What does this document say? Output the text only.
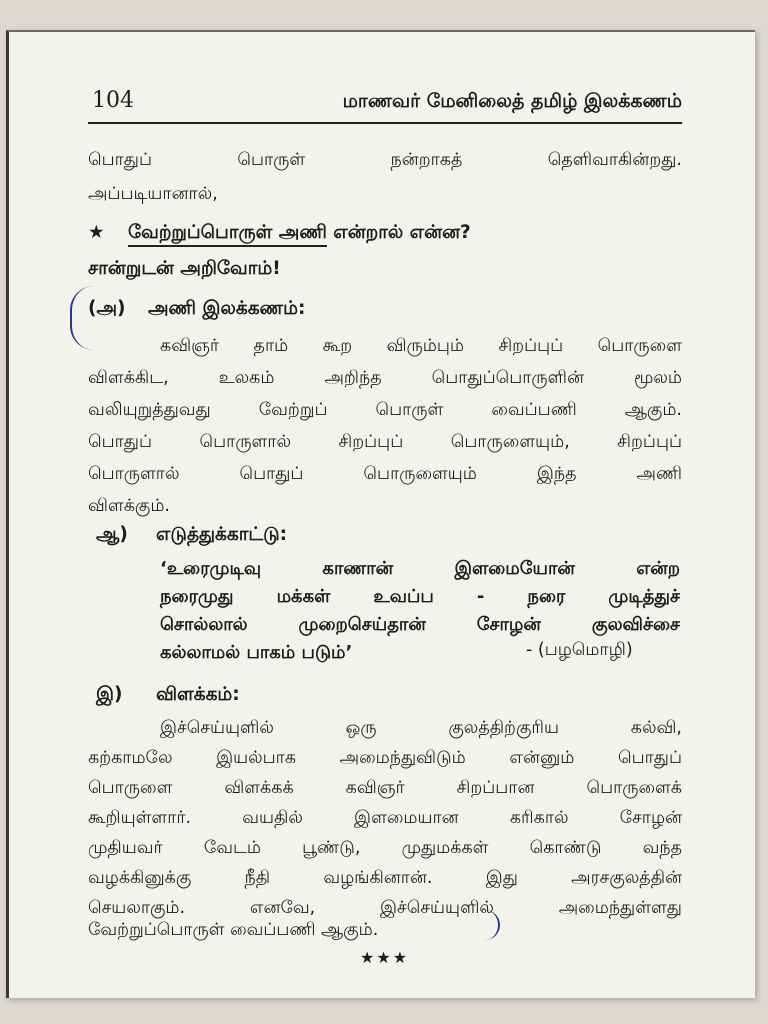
104	மாணவர் மேனிலைத் தமிழ் இலக்கணம்
பொதுப் பொருள் நன்றாகத் தெளிவாகின்றது.
அப்படியானால்,
★ வேற்றுப்பொருள் அணி என்றால் என்ன?
சான்றுடன் அறிவோம்!
(அ) அணி இலக்கணம்:
கவிஞர் தாம் கூற விரும்பும் சிறப்புப் பொருளை
விளக்கிட, உலகம் அறிந்த பொதுப்பொருளின் மூலம்
வலியுறுத்துவது வேற்றுப் பொருள் வைப்பணி ஆகும்.
பொதுப் பொருளால் சிறப்புப் பொருளையும், சிறப்புப்
பொருளால் பொதுப் பொருளையும் இந்த அணி
விளக்கும்.
ஆ) எடுத்துக்காட்டு:
‘உரைமுடிவு காணான் இளமையோன் என்ற
நரைமுது மக்கள் உவப்ப - நரை முடித்துச்
சொல்லால் முறைசெய்தான் சோழன் குலவிச்சை
கல்லாமல் பாகம் படும்’	- (பழமொழி)
இ) விளக்கம்:
இச்செய்யுளில் ஒரு குலத்திற்குரிய கல்வி,
கற்காமலே இயல்பாக அமைந்துவிடும் என்னும் பொதுப்
பொருளை விளக்கக் கவிஞர் சிறப்பான பொருளைக்
கூறியுள்ளார். வயதில் இளமையான கரிகால் சோழன்
முதியவர் வேடம் பூண்டு, முதுமக்கள் கொண்டு வந்த
வழக்கினுக்கு நீதி வழங்கினான். இது அரசகுலத்தின்
செயலாகும். எனவே, இச்செய்யுளில் அமைந்துள்ளது
வேற்றுப்பொருள் வைப்பணி ஆகும்.
★★★
